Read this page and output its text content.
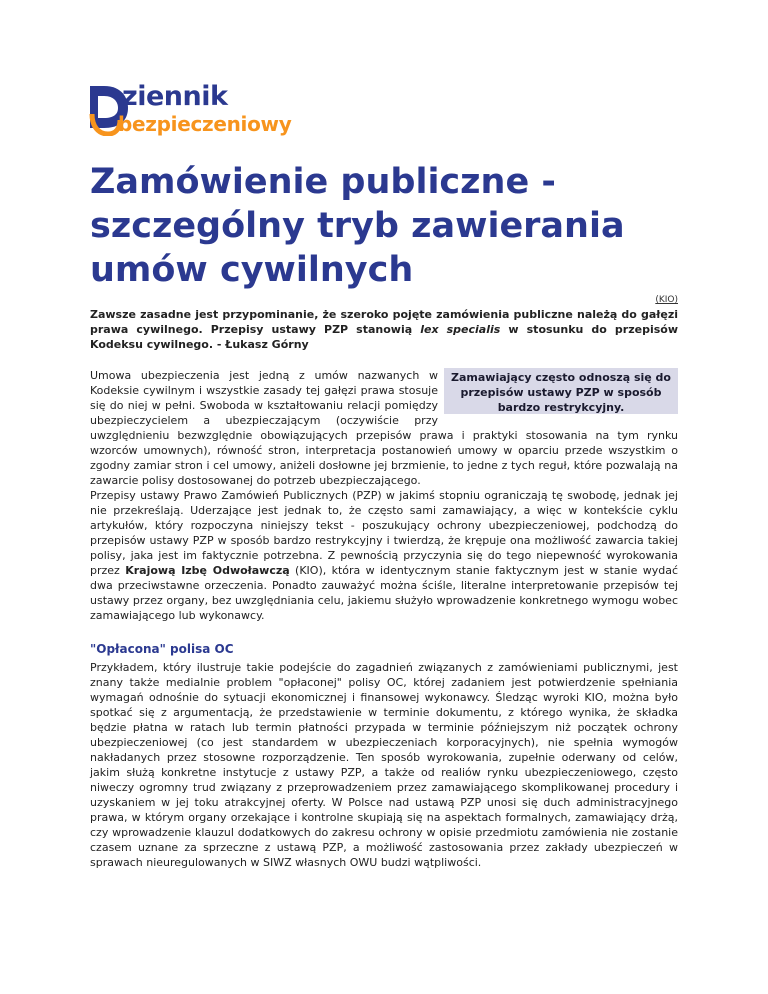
ziennik
bezpieczeniowy
Zamówienie publiczne - szczególny tryb zawierania umów cywilnych
(KIO)

Zawsze zasadne jest przypominanie, że szeroko pojęte zamówienia publiczne należą do gałęzi prawa cywilnego. Przepisy ustawy PZP stanowią lex specialis w stosunku do przepisów Kodeksu cywilnego. - Łukasz Górny

Zamawiający często odnoszą się do przepisów ustawy PZP w sposób bardzo restrykcyjny.
Umowa ubezpieczenia jest jedną z umów nazwanych w Kodeksie cywilnym i wszystkie zasady tej gałęzi prawa stosuje się do niej w pełni. Swoboda w kształtowaniu relacji pomiędzy ubezpieczycielem a ubezpieczającym (oczywiście przy uwzględnieniu bezwzględnie obowiązujących przepisów prawa i praktyki stosowania na tym rynku wzorców umownych), równość stron, interpretacja postanowień umowy w oparciu przede wszystkim o zgodny zamiar stron i cel umowy, aniżeli dosłowne jej brzmienie, to jedne z tych reguł, które pozwalają na zawarcie polisy dostosowanej do potrzeb ubezpieczającego.

Przepisy ustawy Prawo Zamówień Publicznych (PZP) w jakimś stopniu ograniczają tę swobodę, jednak jej nie przekreślają. Uderzające jest jednak to, że często sami zamawiający, a więc w kontekście cyklu artykułów, który rozpoczyna niniejszy tekst - poszukujący ochrony ubezpieczeniowej, podchodzą do przepisów ustawy PZP w sposób bardzo restrykcyjny i twierdzą, że krępuje ona możliwość zawarcia takiej polisy, jaka jest im faktycznie potrzebna. Z pewnością przyczynia się do tego niepewność wyrokowania przez Krajową Izbę Odwoławczą (KIO), która w identycznym stanie faktycznym jest w stanie wydać dwa przeciwstawne orzeczenia. Ponadto zauważyć można ściśle, literalne interpretowanie przepisów tej ustawy przez organy, bez uwzględniania celu, jakiemu służyło wprowadzenie konkretnego wymogu wobec zamawiającego lub wykonawcy.

"Opłacona" polisa OC

Przykładem, który ilustruje takie podejście do zagadnień związanych z zamówieniami publicznymi, jest znany także medialnie problem "opłaconej" polisy OC, której zadaniem jest potwierdzenie spełniania wymagań odnośnie do sytuacji ekonomicznej i finansowej wykonawcy. Śledząc wyroki KIO, można było spotkać się z argumentacją, że przedstawienie w terminie dokumentu, z którego wynika, że składka będzie płatna w ratach lub termin płatności przypada w terminie późniejszym niż początek ochrony ubezpieczeniowej (co jest standardem w ubezpieczeniach korporacyjnych), nie spełnia wymogów nakładanych przez stosowne rozporządzenie. Ten sposób wyrokowania, zupełnie oderwany od celów, jakim służą konkretne instytucje z ustawy PZP, a także od realiów rynku ubezpieczeniowego, często niweczy ogromny trud związany z przeprowadzeniem przez zamawiającego skomplikowanej procedury i uzyskaniem w jej toku atrakcyjnej oferty. W Polsce nad ustawą PZP unosi się duch administracyjnego prawa, w którym organy orzekające i kontrolne skupiają się na aspektach formalnych, zamawiający drżą, czy wprowadzenie klauzul dodatkowych do zakresu ochrony w opisie przedmiotu zamówienia nie zostanie czasem uznane za sprzeczne z ustawą PZP, a możliwość zastosowania przez zakłady ubezpieczeń w sprawach nieuregulowanych w SIWZ własnych OWU budzi wątpliwości.
